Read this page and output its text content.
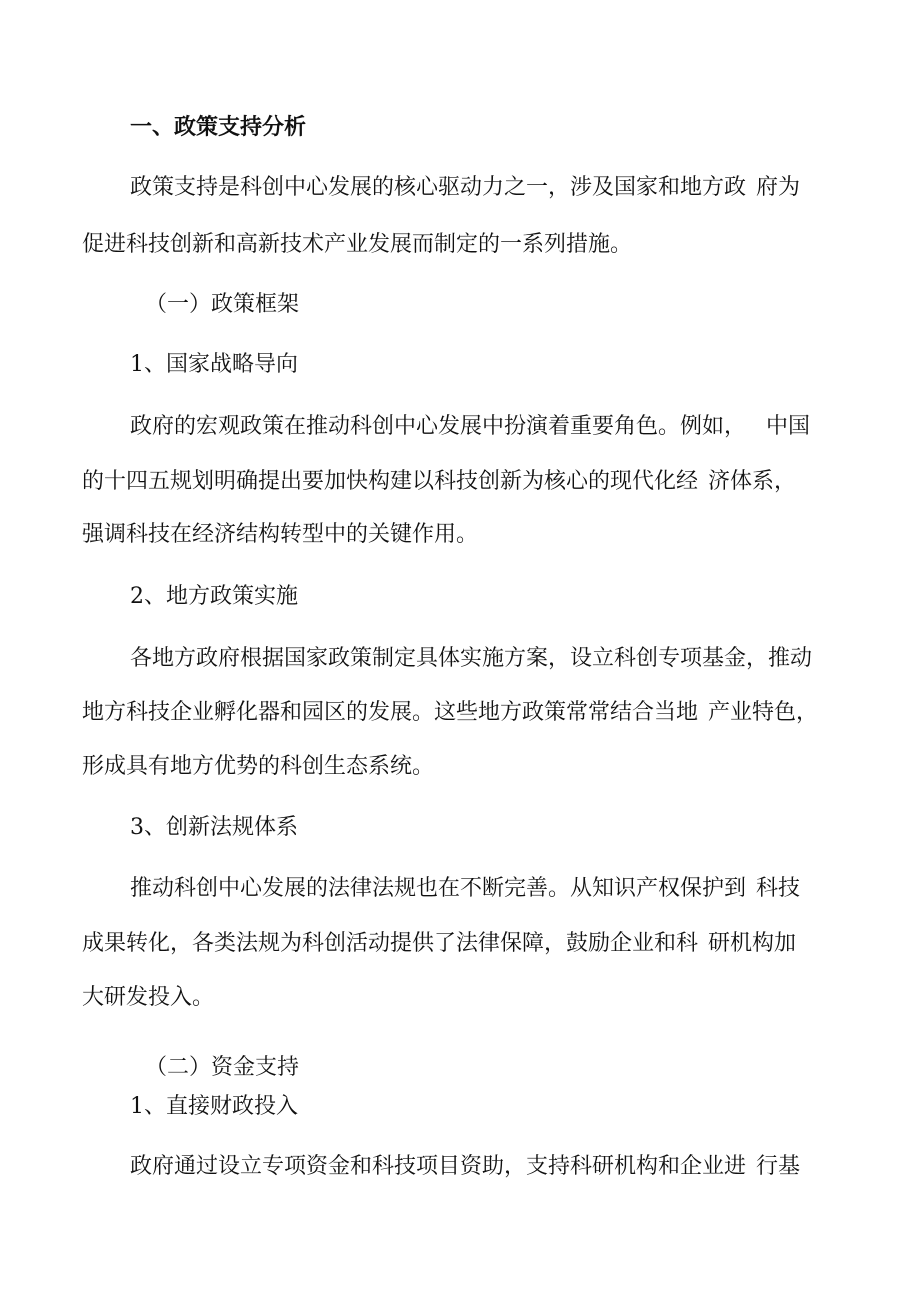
一、政策支持分析

政策支持是科创中心发展的核心驱动力之一，涉及国家和地方政 府为

促进科技创新和高新技术产业发展而制定的一系列措施。

（一）政策框架

1、国家战略导向

政府的宏观政策在推动科创中心发展中扮演着重要角色。例如， 中国

的十四五规划明确提出要加快构建以科技创新为核心的现代化经 济体系，

强调科技在经济结构转型中的关键作用。

2、地方政策实施

各地方政府根据国家政策制定具体实施方案，设立科创专项基金，推动

地方科技企业孵化器和园区的发展。这些地方政策常常结合当地 产业特色，

形成具有地方优势的科创生态系统。

3、创新法规体系

推动科创中心发展的法律法规也在不断完善。从知识产权保护到 科技

成果转化，各类法规为科创活动提供了法律保障，鼓励企业和科 研机构加

大研发投入。

（二）资金支持

1、直接财政投入

政府通过设立专项资金和科技项目资助，支持科研机构和企业进 行基
